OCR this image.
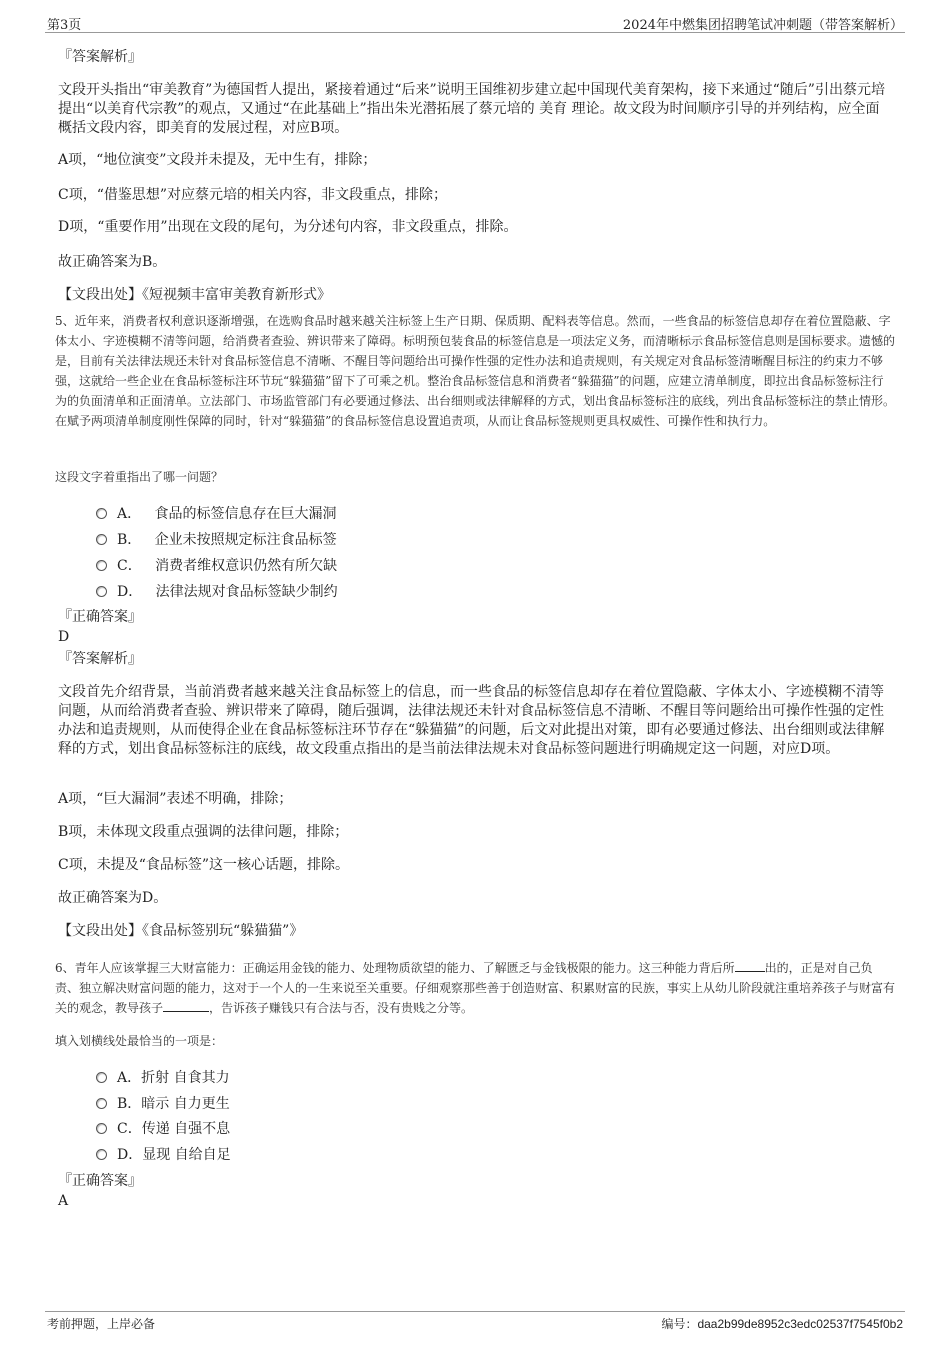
第3页	2024年中燃集团招聘笔试冲刺题（带答案解析）
『答案解析』
文段开头指出“审美教育”为德国哲人提出，紧接着通过“后来”说明王国维初步建立起中国现代美育架构，接下来通过“随后”引出蔡元培提出“以美育代宗教”的观点，又通过“在此基础上”指出朱光潜拓展了蔡元培的 美育 理论。故文段为时间顺序引导的并列结构，应全面概括文段内容，即美育的发展过程，对应B项。
A项，“地位演变”文段并未提及，无中生有，排除；
C项，“借鉴思想”对应蔡元培的相关内容，非文段重点，排除；
D项，“重要作用”出现在文段的尾句，为分述句内容，非文段重点，排除。
故正确答案为B。
【文段出处】《短视频丰富审美教育新形式》
5、近年来，消费者权利意识逐渐增强，在选购食品时越来越关注标签上生产日期、保质期、配料表等信息。然而，一些食品的标签信息却存在着位置隐蔽、字体太小、字迹模糊不清等问题，给消费者查验、辨识带来了障碍。标明预包装食品的标签信息是一项法定义务，而清晰标示食品标签信息则是国标要求。遗憾的是，目前有关法律法规还未针对食品标签信息不清晰、不醒目等问题给出可操作性强的定性办法和追责规则，有关规定对食品标签清晰醒目标注的约束力不够强，这就给一些企业在食品标签标注环节玩“躲猫猫”留下了可乘之机。整治食品标签信息和消费者“躲猫猫”的问题，应建立清单制度，即拉出食品标签标注行为的负面清单和正面清单。立法部门、市场监管部门有必要通过修法、出台细则或法律解释的方式，划出食品标签标注的底线，列出食品标签标注的禁止情形。在赋予两项清单制度刚性保障的同时，针对“躲猫猫”的食品标签信息设置追责项，从而让食品标签规则更具权威性、可操作性和执行力。
这段文字着重指出了哪一问题？
A． 食品的标签信息存在巨大漏洞
B． 企业未按照规定标注食品标签
C． 消费者维权意识仍然有所欠缺
D． 法律法规对食品标签缺少制约
『正确答案』
D
『答案解析』
文段首先介绍背景，当前消费者越来越关注食品标签上的信息，而一些食品的标签信息却存在着位置隐蔽、字体太小、字迹模糊不清等问题，从而给消费者查验、辨识带来了障碍，随后强调，法律法规还未针对食品标签信息不清晰、不醒目等问题给出可操作性强的定性办法和追责规则，从而使得企业在食品标签标注环节存在“躲猫猫”的问题，后文对此提出对策，即有必要通过修法、出台细则或法律解释的方式，划出食品标签标注的底线，故文段重点指出的是当前法律法规未对食品标签问题进行明确规定这一问题，对应D项。
A项，“巨大漏洞”表述不明确，排除；
B项，未体现文段重点强调的法律问题，排除；
C项，未提及“食品标签”这一核心话题，排除。
故正确答案为D。
【文段出处】《食品标签别玩“躲猫猫”》
6、青年人应该掌握三大财富能力：正确运用金钱的能力、处理物质欲望的能力、了解匮乏与金钱极限的能力。这三种能力背后所	出的，正是对自己负责、独立解决财富问题的能力，这对于一个人的一生来说至关重要。仔细观察那些善于创造财富、积累财富的民族，事实上从幼儿阶段就注重培养孩子与财富有关的观念，教导孩子	，告诉孩子赚钱只有合法与否，没有贵贱之分等。
填入划横线处最恰当的一项是：
A．折射 自食其力
B．暗示 自力更生
C．传递 自强不息
D．显现 自给自足
『正确答案』
A
考前押题，上岸必备	编号：daa2b99de8952c3edc02537f7545f0b2
